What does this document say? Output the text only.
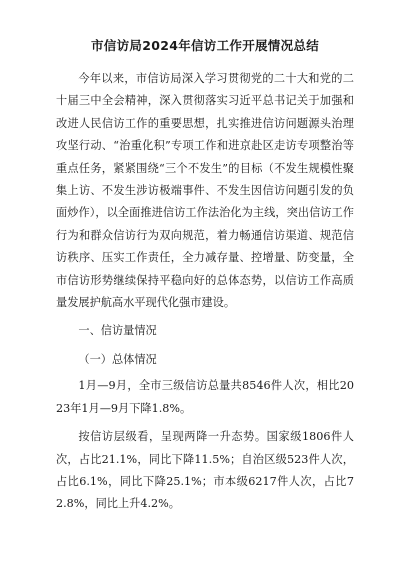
市信访局2024年信访工作开展情况总结

今年以来，市信访局深入学习贯彻党的二十大和党的二十届三中全会精神，深入贯彻落实习近平总书记关于加强和改进人民信访工作的重要思想，扎实推进信访问题源头治理攻坚行动、“治重化积”专项工作和进京赴区走访专项整治等重点任务，紧紧围绕“三个不发生”的目标（不发生规模性聚集上访、不发生涉访极端事件、不发生因信访问题引发的负面炒作），以全面推进信访工作法治化为主线，突出信访工作行为和群众信访行为双向规范，着力畅通信访渠道、规范信访秩序、压实工作责任，全力减存量、控增量、防变量，全市信访形势继续保持平稳向好的总体态势，以信访工作高质量发展护航高水平现代化强市建设。

一、信访量情况

（一）总体情况

1月—9月，全市三级信访总量共8546件人次，相比2023年1月—9月下降1.8%。

按信访层级看，呈现两降一升态势。国家级1806件人次，占比21.1%，同比下降11.5%；自治区级523件人次，占比6.1%，同比下降25.1%；市本级6217件人次，占比72.8%，同比上升4.2%。
